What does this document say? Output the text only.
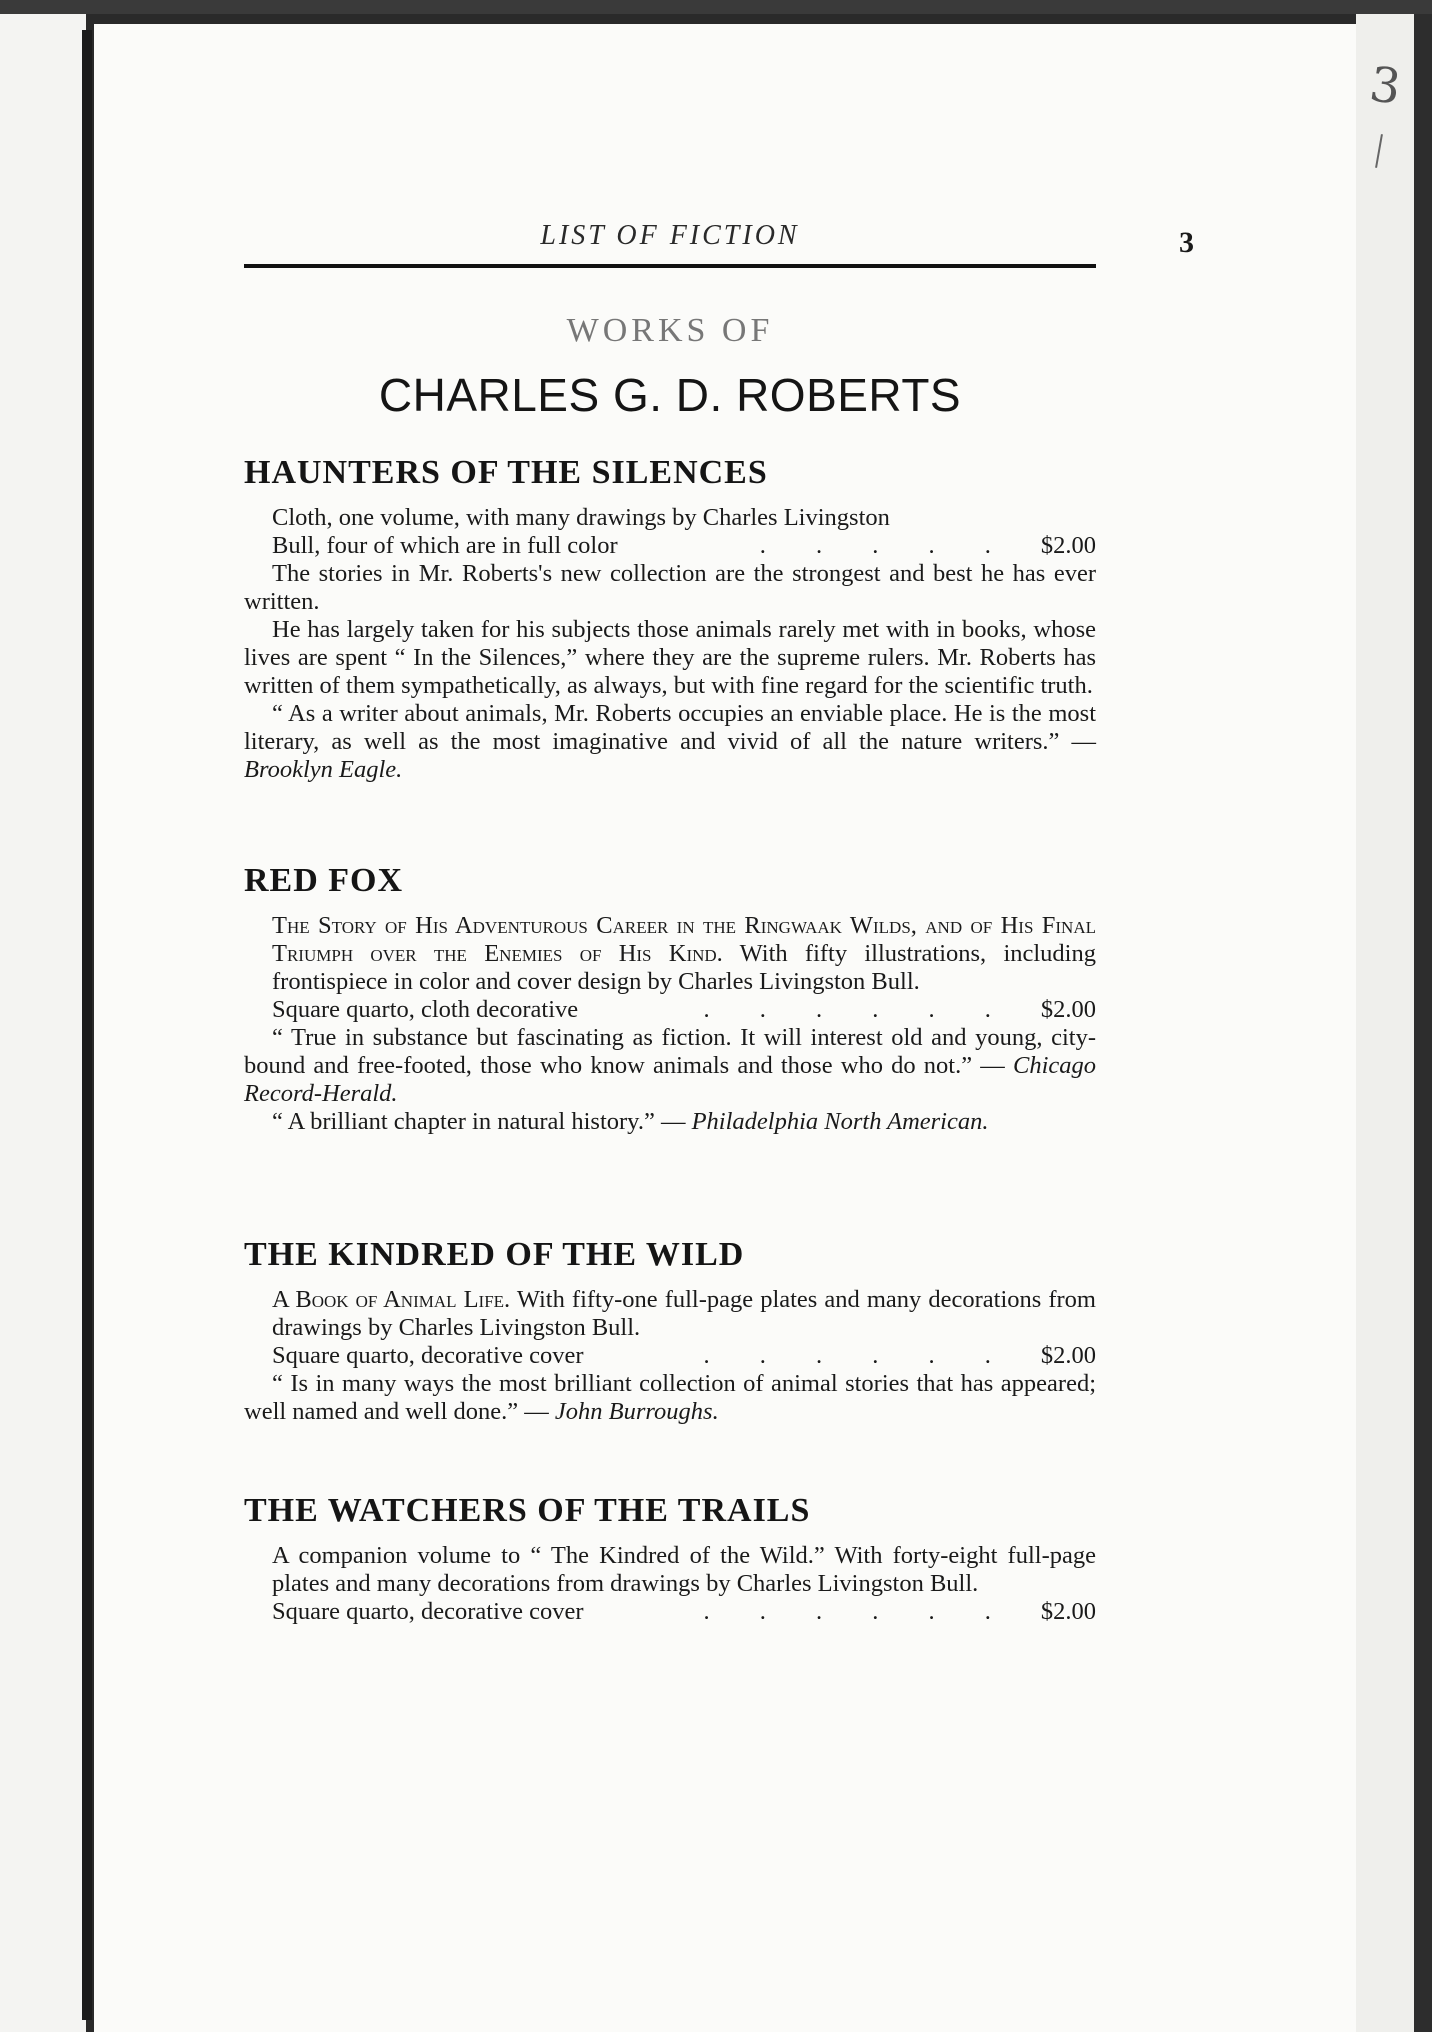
LIST OF FICTION	3
WORKS OF
CHARLES G. D. ROBERTS
HAUNTERS OF THE SILENCES

Cloth, one volume, with many drawings by Charles Livingston

Bull, four of which are in full color	. . . . .	$2.00

The stories in Mr. Roberts's new collection are the strongest and best he has ever written.

He has largely taken for his subjects those animals rarely met with in books, whose lives are spent “ In the Silences,” where they are the supreme rulers. Mr. Roberts has written of them sympathetically, as always, but with fine regard for the scientific truth.

“ As a writer about animals, Mr. Roberts occupies an enviable place. He is the most literary, as well as the most imaginative and vivid of all the nature writers.” — Brooklyn Eagle.

RED FOX

The Story of His Adventurous Career in the Ringwaak Wilds, and of His Final Triumph over the Enemies of His Kind. With fifty illustrations, including frontispiece in color and cover design by Charles Livingston Bull.

Square quarto, cloth decorative	. . . . . .	$2.00

“ True in substance but fascinating as fiction. It will interest old and young, city-bound and free-footed, those who know animals and those who do not.” — Chicago Record-Herald.

“ A brilliant chapter in natural history.” — Philadelphia North American.

THE KINDRED OF THE WILD

A Book of Animal Life. With fifty-one full-page plates and many decorations from drawings by Charles Livingston Bull.

Square quarto, decorative cover	. . . . . .	$2.00

“ Is in many ways the most brilliant collection of animal stories that has appeared; well named and well done.” — John Burroughs.

THE WATCHERS OF THE TRAILS

A companion volume to “ The Kindred of the Wild.” With forty-eight full-page plates and many decorations from drawings by Charles Livingston Bull.

Square quarto, decorative cover	. . . . . .	$2.00
3
